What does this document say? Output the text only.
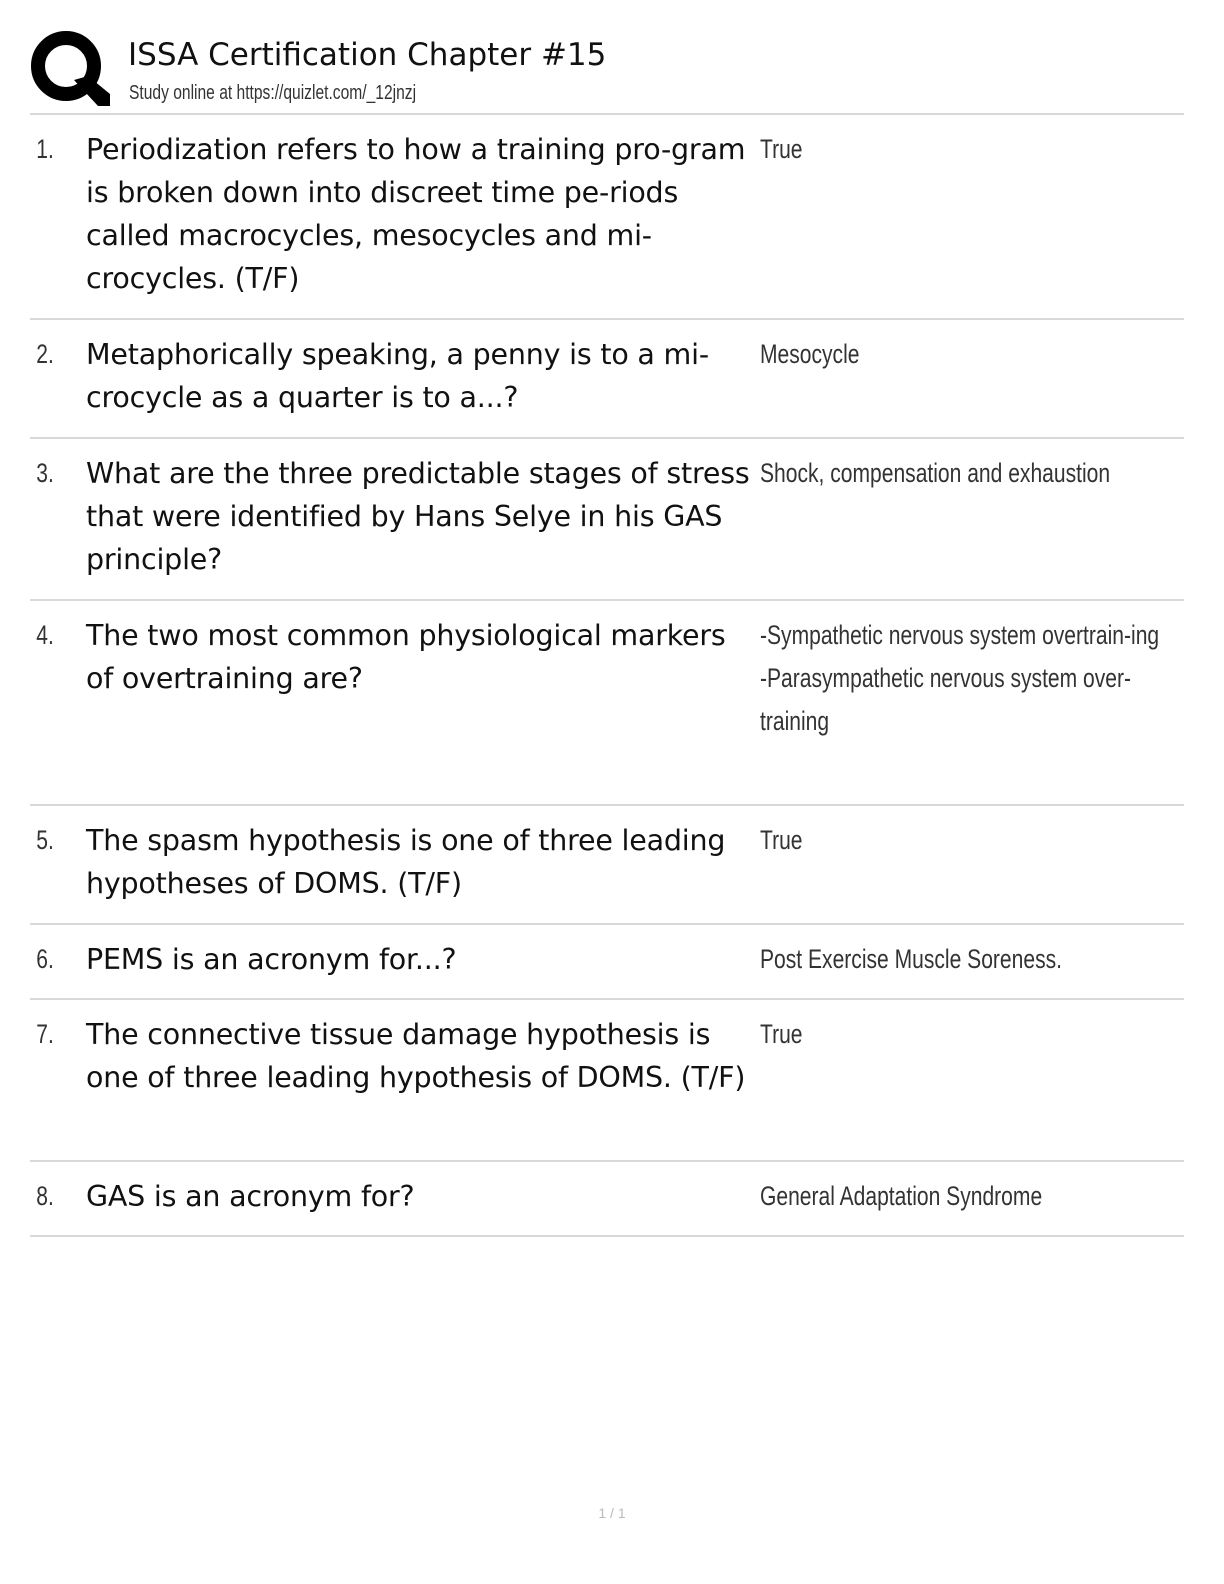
ISSA Certification Chapter #15
Study online at https://quizlet.com/_12jnzj
1.	Periodization refers to how a training pro-gram is broken down into discreet time pe-riods called macrocycles, mesocycles and mi-crocycles. (T/F)
True
2.	Metaphorically speaking, a penny is to a mi-crocycle as a quarter is to a...?
Mesocycle
3.	What are the three predictable stages of stress that were identified by Hans Selye in his GAS principle?
Shock, compensation and exhaustion
4.	The two most common physiological markers of overtraining are?
-Sympathetic nervous system overtrain-ing
-Parasympathetic nervous system over-training
5.	The spasm hypothesis is one of three leading hypotheses of DOMS. (T/F)
True
6.	PEMS is an acronym for...?	Post Exercise Muscle Soreness.
7.	The connective tissue damage hypothesis is one of three leading hypothesis of DOMS. (T/F)
True
8.	GAS is an acronym for?	General Adaptation Syndrome
1 / 1
